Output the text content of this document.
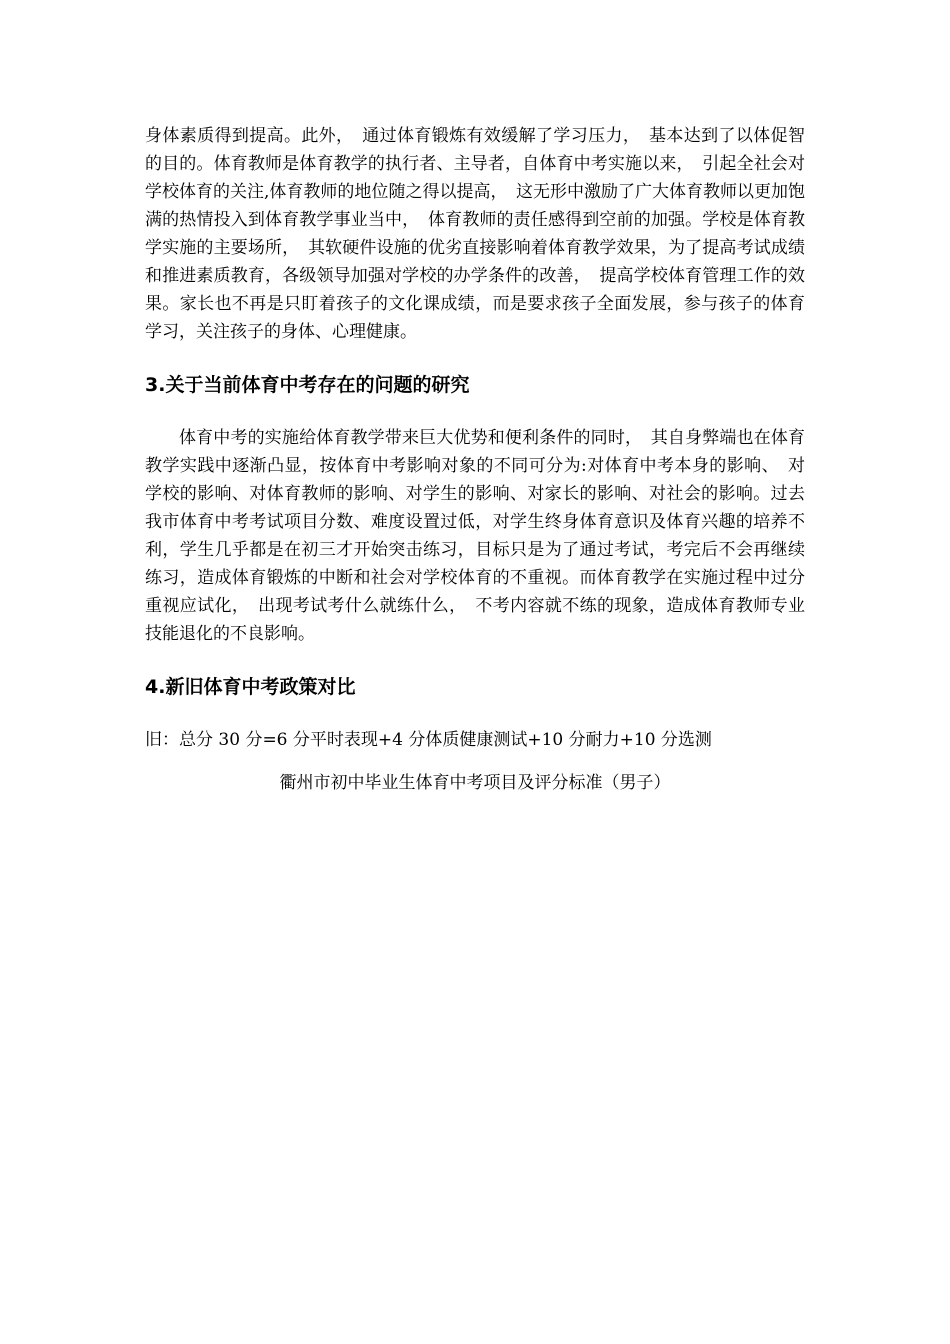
身体素质得到提高。此外，　通过体育锻炼有效缓解了学习压力，　基本达到了以体促智的目的。体育教师是体育教学的执行者、主导者，自体育中考实施以来，　引起全社会对学校体育的关注,体育教师的地位随之得以提高，　这无形中激励了广大体育教师以更加饱满的热情投入到体育教学事业当中，　体育教师的责任感得到空前的加强。学校是体育教学实施的主要场所，　其软硬件设施的优劣直接影响着体育教学效果，为了提高考试成绩和推进素质教育，各级领导加强对学校的办学条件的改善，　提高学校体育管理工作的效果。家长也不再是只盯着孩子的文化课成绩，而是要求孩子全面发展，参与孩子的体育学习，关注孩子的身体、心理健康。

3.关于当前体育中考存在的问题的研究

体育中考的实施给体育教学带来巨大优势和便利条件的同时，　其自身弊端也在体育教学实践中逐渐凸显，按体育中考影响对象的不同可分为:对体育中考本身的影响、　对学校的影响、对体育教师的影响、对学生的影响、对家长的影响、对社会的影响。过去我市体育中考考试项目分数、难度设置过低，对学生终身体育意识及体育兴趣的培养不利，学生几乎都是在初三才开始突击练习，目标只是为了通过考试，考完后不会再继续练习，造成体育锻炼的中断和社会对学校体育的不重视。而体育教学在实施过程中过分重视应试化，　出现考试考什么就练什么，　不考内容就不练的现象，造成体育教师专业技能退化的不良影响。

4.新旧体育中考政策对比

旧：总分 30 分=6 分平时表现+4 分体质健康测试+10 分耐力+10 分选测

衢州市初中毕业生体育中考项目及评分标准（男子）
